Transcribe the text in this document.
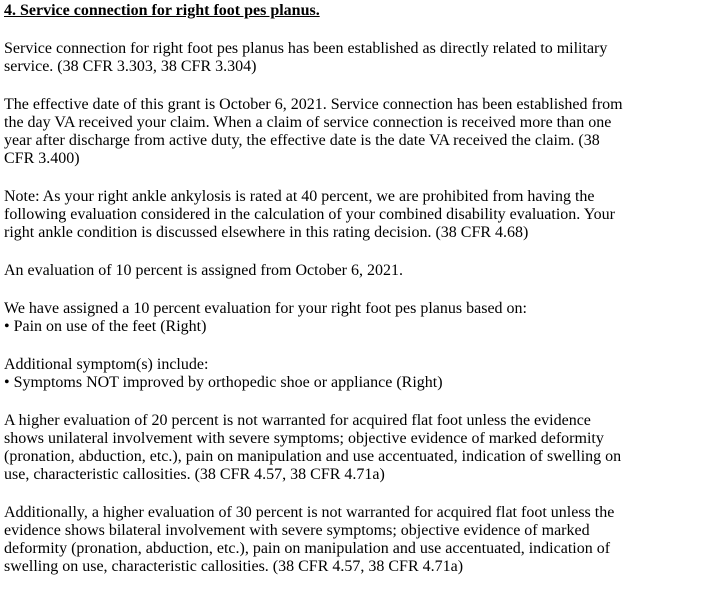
4. Service connection for right foot pes planus.
Service connection for right foot pes planus has been established as directly related to military
service. (38 CFR 3.303, 38 CFR 3.304)
The effective date of this grant is October 6, 2021. Service connection has been established from
the day VA received your claim. When a claim of service connection is received more than one
year after discharge from active duty, the effective date is the date VA received the claim. (38
CFR 3.400)
Note: As your right ankle ankylosis is rated at 40 percent, we are prohibited from having the
following evaluation considered in the calculation of your combined disability evaluation. Your
right ankle condition is discussed elsewhere in this rating decision. (38 CFR 4.68)
An evaluation of 10 percent is assigned from October 6, 2021.
We have assigned a 10 percent evaluation for your right foot pes planus based on:
• Pain on use of the feet (Right)
Additional symptom(s) include:
• Symptoms NOT improved by orthopedic shoe or appliance (Right)
A higher evaluation of 20 percent is not warranted for acquired flat foot unless the evidence
shows unilateral involvement with severe symptoms; objective evidence of marked deformity
(pronation, abduction, etc.), pain on manipulation and use accentuated, indication of swelling on
use, characteristic callosities. (38 CFR 4.57, 38 CFR 4.71a)
Additionally, a higher evaluation of 30 percent is not warranted for acquired flat foot unless the
evidence shows bilateral involvement with severe symptoms; objective evidence of marked
deformity (pronation, abduction, etc.), pain on manipulation and use accentuated, indication of
swelling on use, characteristic callosities. (38 CFR 4.57, 38 CFR 4.71a)
